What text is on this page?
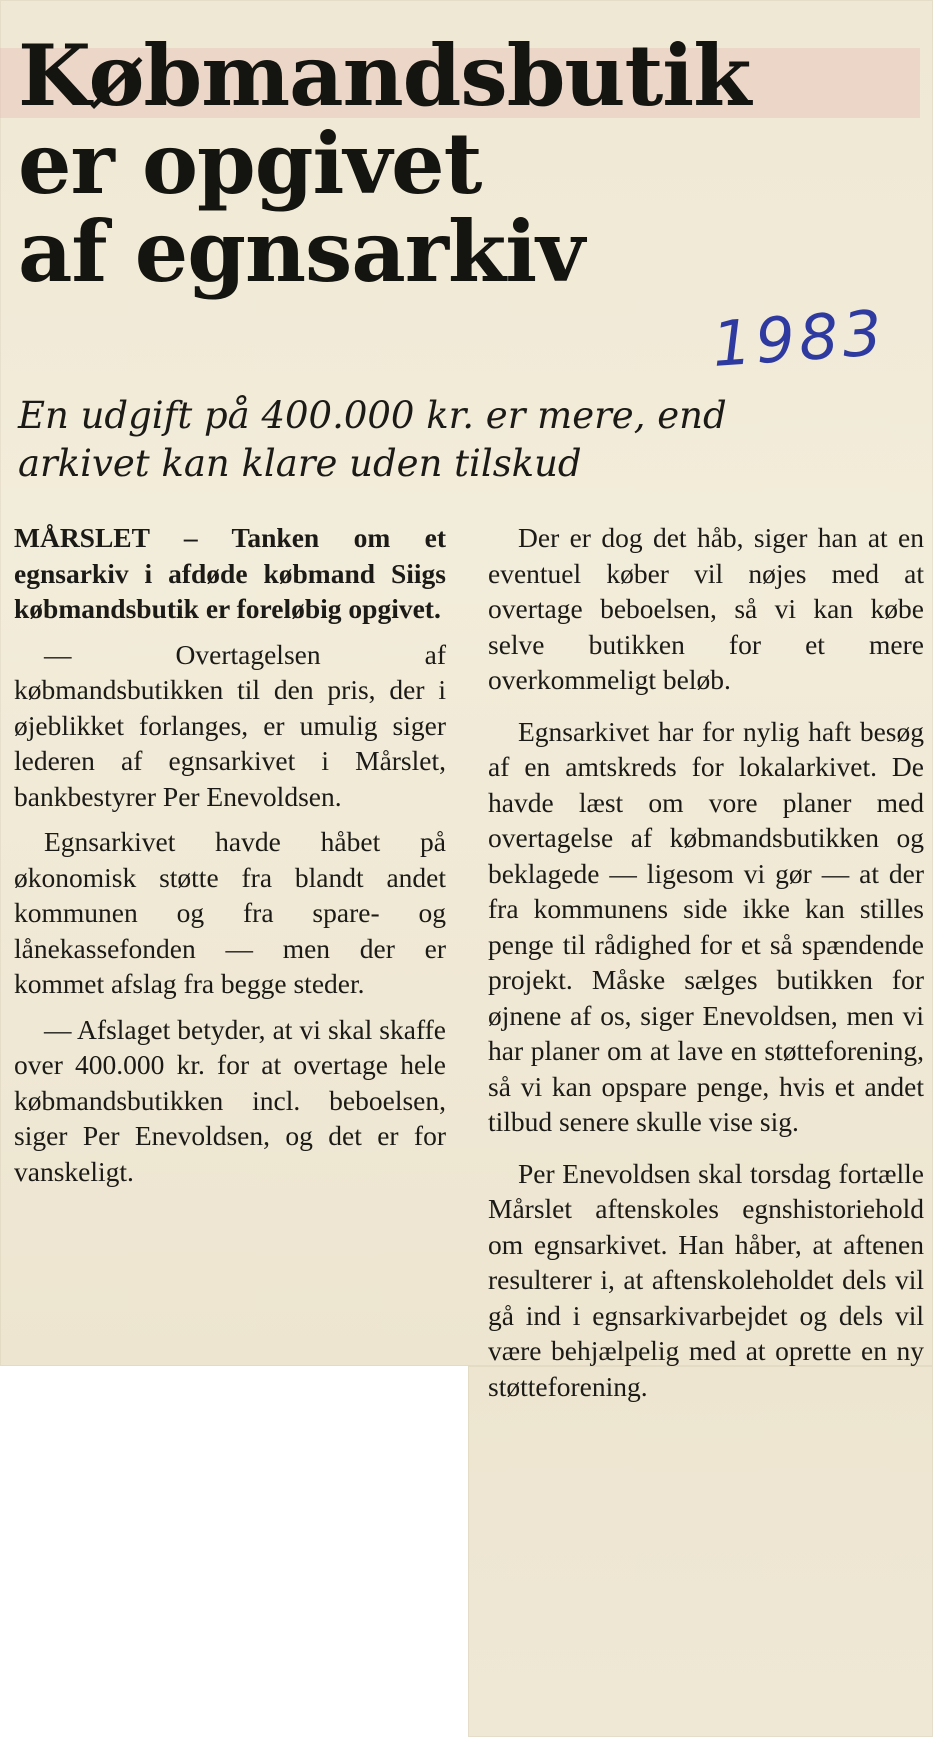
Købmandsbutik
er opgivet
af egnsarkiv
1983
En udgift på 400.000 kr. er mere, end
arkivet kan klare uden tilskud

MÅRSLET – Tanken om et egnsarkiv i afdøde købmand Siigs købmandsbutik er foreløbig opgivet.

— Overtagelsen af købmandsbutikken til den pris, der i øjeblikket forlanges, er umulig siger lederen af egnsarkivet i Mårslet, bankbestyrer Per Enevoldsen.

Egnsarkivet havde håbet på økonomisk støtte fra blandt andet kommunen og fra spare- og lånekassefonden — men der er kommet afslag fra begge steder.

— Afslaget betyder, at vi skal skaffe over 400.000 kr. for at overtage hele købmandsbutikken incl. beboelsen, siger Per Enevoldsen, og det er for vanskeligt.

Der er dog det håb, siger han at en eventuel køber vil nøjes med at overtage beboelsen, så vi kan købe selve butikken for et mere overkommeligt beløb.

Egnsarkivet har for nylig haft besøg af en amtskreds for lokalarkivet. De havde læst om vore planer med overtagelse af købmandsbutikken og beklagede — ligesom vi gør — at der fra kommunens side ikke kan stilles penge til rådighed for et så spændende projekt. Måske sælges butikken for øjnene af os, siger Enevoldsen, men vi har planer om at lave en støtteforening, så vi kan opspare penge, hvis et andet tilbud senere skulle vise sig.

Per Enevoldsen skal torsdag fortælle Mårslet aftenskoles egnshistoriehold om egnsarkivet. Han håber, at aftenen resulterer i, at aftenskoleholdet dels vil gå ind i egnsarkivarbejdet og dels vil være behjælpelig med at oprette en ny støtteforening.
